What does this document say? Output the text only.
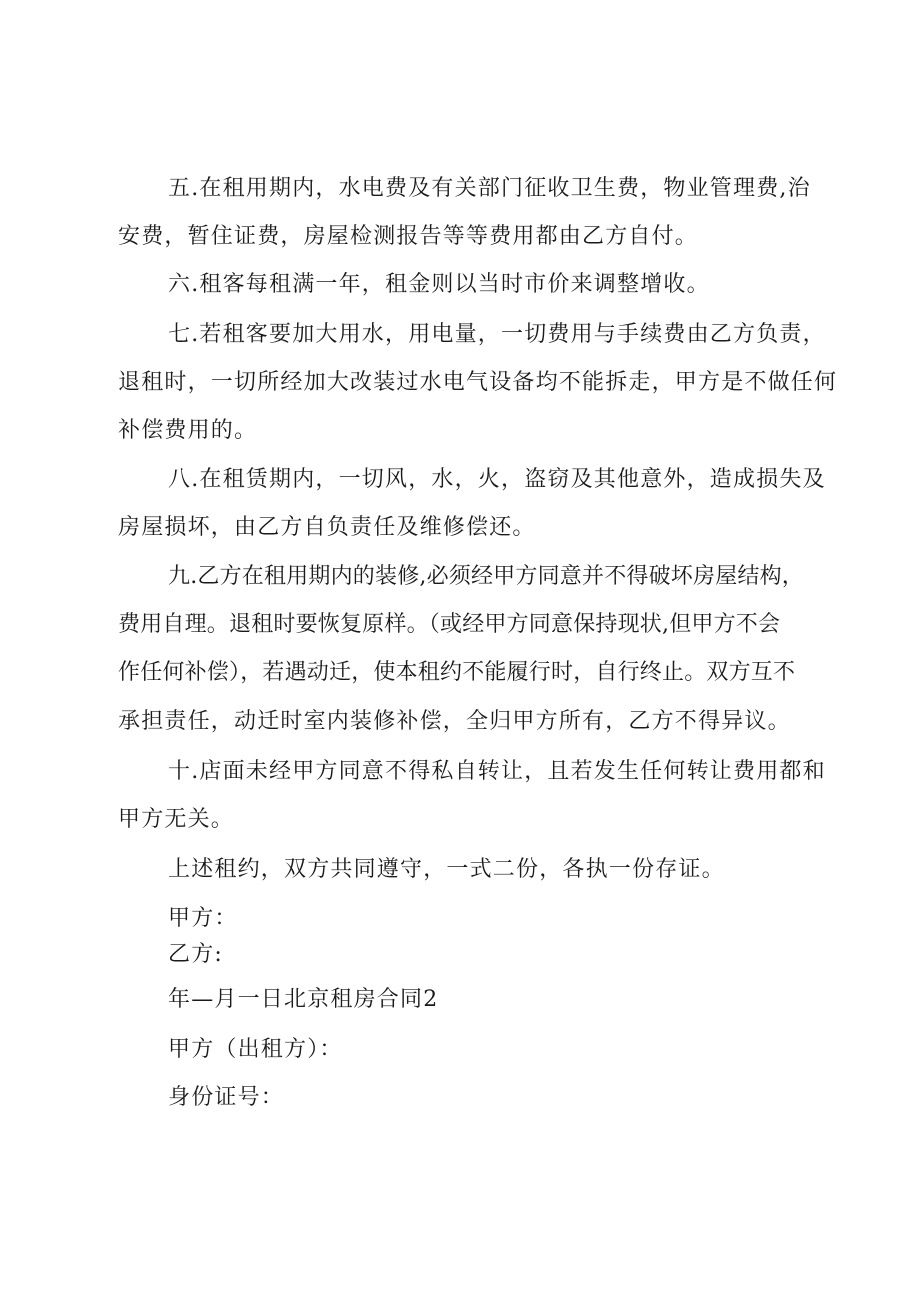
五.在租用期内，水电费及有关部门征收卫生费，物业管理费,治
安费，暂住证费，房屋检测报告等等费用都由乙方自付。
六.租客每租满一年，租金则以当时市价来调整增收。
七.若租客要加大用水，用电量，一切费用与手续费由乙方负责，
退租时，一切所经加大改装过水电气设备均不能拆走，甲方是不做任何
补偿费用的。
八.在租赁期内，一切风，水，火，盗窃及其他意外，造成损失及
房屋损坏，由乙方自负责任及维修偿还。
九.乙方在租用期内的装修,必须经甲方同意并不得破坏房屋结构，
费用自理。退租时要恢复原样。（或经甲方同意保持现状,但甲方不会
作任何补偿），若遇动迁，使本租约不能履行时，自行终止。双方互不
承担责任，动迁时室内装修补偿，全归甲方所有，乙方不得异议。
十.店面未经甲方同意不得私自转让，且若发生任何转让费用都和
甲方无关。
上述租约，双方共同遵守，一式二份，各执一份存证。
甲方：
乙方:
年—月一日北京租房合同2
甲方（出租方）：
身份证号：
